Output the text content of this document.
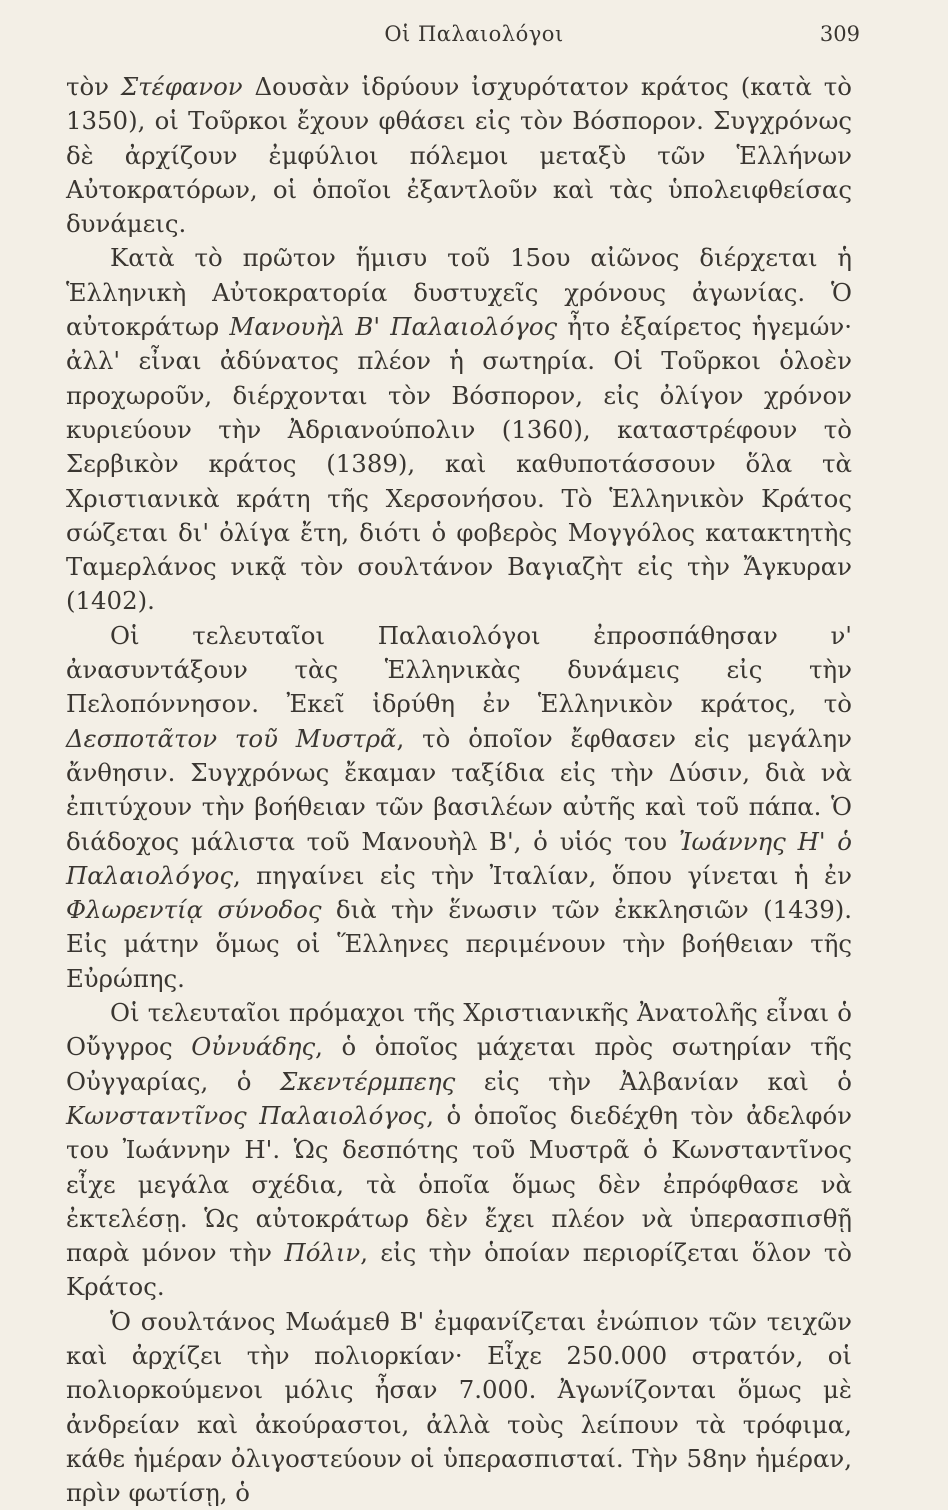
Οἱ Παλαιολόγοι	309

τὸν Στέφανον Δουσὰν ἱδρύουν ἰσχυρότατον κράτος (κατὰ τὸ 1350), οἱ Τοῦρκοι ἔχουν φθάσει εἰς τὸν Βόσπορον. Συγχρόνως δὲ ἀρχίζουν ἐμφύλιοι πόλεμοι μεταξὺ τῶν Ἑλλήνων Αὐτοκρατόρων, οἱ ὁποῖοι ἐξαντλοῦν καὶ τὰς ὑπολειφθείσας δυνάμεις.

Κατὰ τὸ πρῶτον ἥμισυ τοῦ 15ου αἰῶνος διέρχεται ἡ Ἑλληνικὴ Αὐτοκρατορία δυστυχεῖς χρόνους ἀγωνίας. Ὁ αὐτοκράτωρ Μανουὴλ Β' Παλαιολόγος ἦτο ἐξαίρετος ἡγεμών· ἀλλ' εἶναι ἀδύνατος πλέον ἡ σωτηρία. Οἱ Τοῦρκοι ὁλοὲν προχωροῦν, διέρχονται τὸν Βόσπορον, εἰς ὀλίγον χρόνον κυριεύουν τὴν Ἀδριανούπολιν (1360), καταστρέφουν τὸ Σερβικὸν κράτος (1389), καὶ καθυποτάσσουν ὅλα τὰ Χριστιανικὰ κράτη τῆς Χερσονήσου. Τὸ Ἑλληνικὸν Κράτος σώζεται δι' ὀλίγα ἔτη, διότι ὁ φοβερὸς Μογγόλος κατακτητὴς Ταμερλάνος νικᾷ τὸν σουλτάνον Βαγιαζὴτ εἰς τὴν Ἄγκυραν (1402).

Οἱ τελευταῖοι Παλαιολόγοι ἐπροσπάθησαν ν' ἀνασυντάξουν τὰς Ἑλληνικὰς δυνάμεις εἰς τὴν Πελοπόννησον. Ἐκεῖ ἱδρύθη ἐν Ἑλληνικὸν κράτος, τὸ Δεσποτᾶτον τοῦ Μυστρᾶ, τὸ ὁποῖον ἔφθασεν εἰς μεγάλην ἄνθησιν. Συγχρόνως ἔκαμαν ταξίδια εἰς τὴν Δύσιν, διὰ νὰ ἐπιτύχουν τὴν βοήθειαν τῶν βασιλέων αὐτῆς καὶ τοῦ πάπα. Ὁ διάδοχος μάλιστα τοῦ Μανουὴλ Β', ὁ υἱός του Ἰωάννης Η' ὁ Παλαιολόγος, πηγαίνει εἰς τὴν Ἰταλίαν, ὅπου γίνεται ἡ ἐν Φλωρεντίᾳ σύνοδος διὰ τὴν ἕνωσιν τῶν ἐκκλησιῶν (1439). Εἰς μάτην ὅμως οἱ Ἕλληνες περιμένουν τὴν βοήθειαν τῆς Εὐρώπης.

Οἱ τελευταῖοι πρόμαχοι τῆς Χριστιανικῆς Ἀνατολῆς εἶναι ὁ Οὔγγρος Οὐνυάδης, ὁ ὁποῖος μάχεται πρὸς σωτηρίαν τῆς Οὐγγαρίας, ὁ Σκεντέρμπεης εἰς τὴν Ἀλβανίαν καὶ ὁ Κωνσταντῖνος Παλαιολόγος, ὁ ὁποῖος διεδέχθη τὸν ἀδελφόν του Ἰωάννην Η'. Ὡς δεσπότης τοῦ Μυστρᾶ ὁ Κωνσταντῖνος εἶχε μεγάλα σχέδια, τὰ ὁποῖα ὅμως δὲν ἐπρόφθασε νὰ ἐκτελέσῃ. Ὡς αὐτοκράτωρ δὲν ἔχει πλέον νὰ ὑπερασπισθῇ παρὰ μόνον τὴν Πόλιν, εἰς τὴν ὁποίαν περιορίζεται ὅλον τὸ Κράτος.

Ὁ σουλτάνος Μωάμεθ Β' ἐμφανίζεται ἐνώπιον τῶν τειχῶν καὶ ἀρχίζει τὴν πολιορκίαν· Εἶχε 250.000 στρατόν, οἱ πολιορκούμενοι μόλις ἦσαν 7.000. Ἀγωνίζονται ὅμως μὲ ἀνδρείαν καὶ ἀκούραστοι, ἀλλὰ τοὺς λείπουν τὰ τρόφιμα, κάθε ἡμέραν ὀλιγοστεύουν οἱ ὑπερασπισταί. Τὴν 58ην ἡμέραν, πρὶν φωτίσῃ, ὁ
